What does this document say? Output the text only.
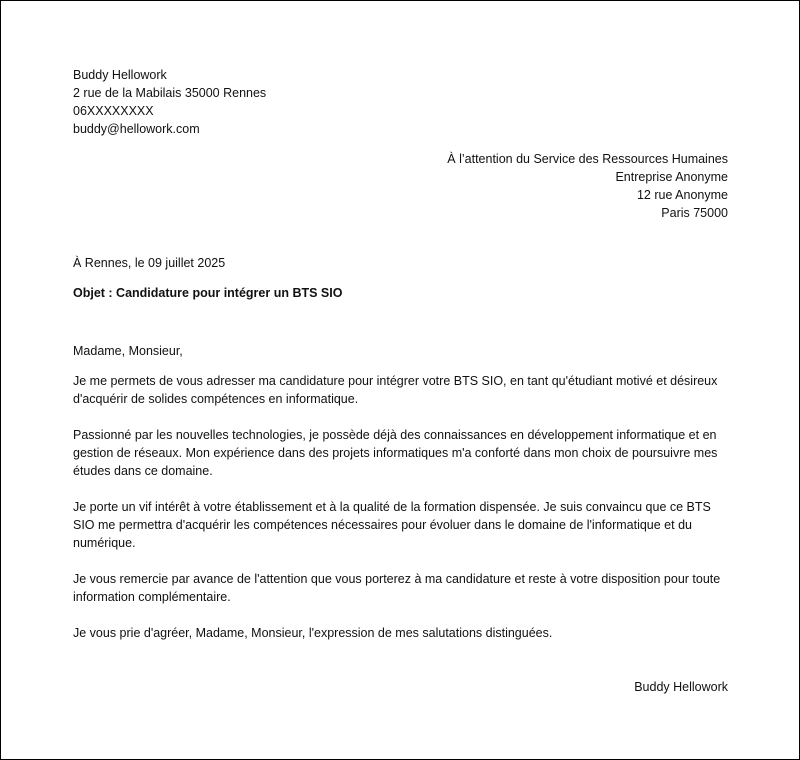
Buddy Hellowork
2 rue de la Mabilais 35000 Rennes
06XXXXXXXX
buddy@hellowork.com
À l’attention du Service des Ressources Humaines
Entreprise Anonyme
12 rue Anonyme
Paris 75000
À Rennes, le 09 juillet 2025
Objet : Candidature pour intégrer un BTS SIO
Madame, Monsieur,
Je me permets de vous adresser ma candidature pour intégrer votre BTS SIO, en tant qu'étudiant motivé et désireux d'acquérir de solides compétences en informatique.
Passionné par les nouvelles technologies, je possède déjà des connaissances en développement informatique et en gestion de réseaux. Mon expérience dans des projets informatiques m'a conforté dans mon choix de poursuivre mes études dans ce domaine.
Je porte un vif intérêt à votre établissement et à la qualité de la formation dispensée. Je suis convaincu que ce BTS SIO me permettra d'acquérir les compétences nécessaires pour évoluer dans le domaine de l'informatique et du numérique.
Je vous remercie par avance de l'attention que vous porterez à ma candidature et reste à votre disposition pour toute information complémentaire.
Je vous prie d'agréer, Madame, Monsieur, l'expression de mes salutations distinguées.
Buddy Hellowork
